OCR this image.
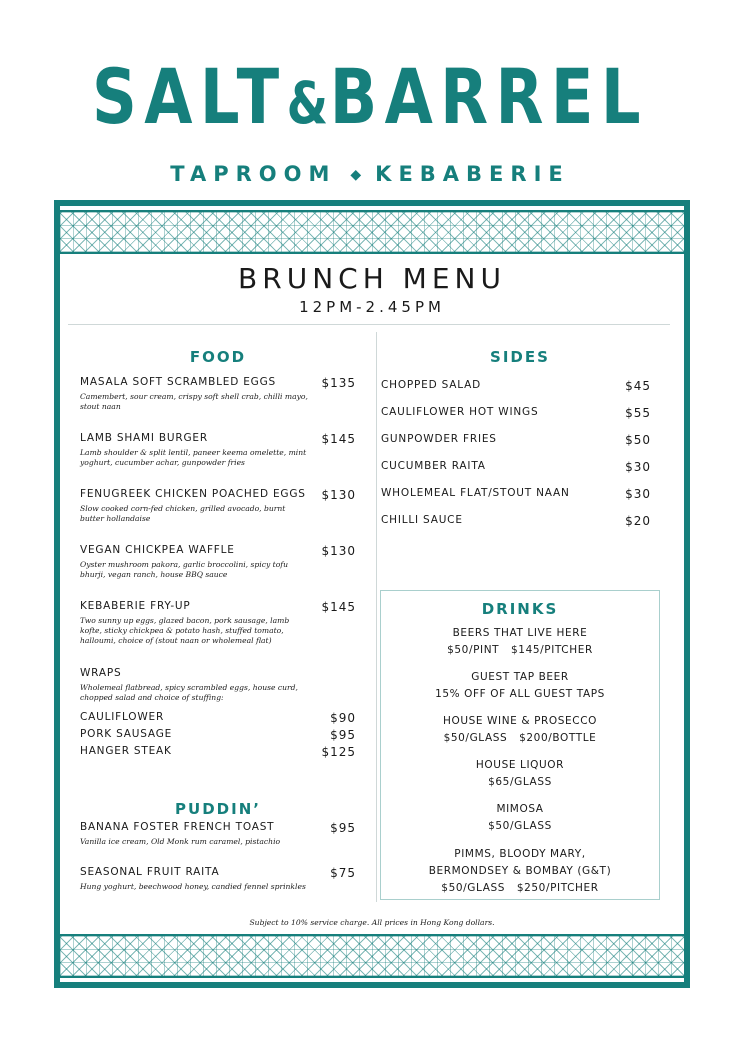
SALT&BARREL
TAPROOM ◆ KEBABERIE
BRUNCH MENU
12PM-2.45PM
FOOD
MASALA SOFT SCRAMBLED EGGS	$135
Camembert, sour cream, crispy soft shell crab, chilli mayo, stout naan
LAMB SHAMI BURGER	$145
Lamb shoulder & split lentil, paneer keema omelette, mint yoghurt, cucumber achar, gunpowder fries
FENUGREEK CHICKEN POACHED EGGS	$130
Slow cooked corn-fed chicken, grilled avocado, burnt butter hollandaise
VEGAN CHICKPEA WAFFLE	$130
Oyster mushroom pakora, garlic broccolini, spicy tofu bhurji, vegan ranch, house BBQ sauce
KEBABERIE FRY-UP	$145
Two sunny up eggs, glazed bacon, pork sausage, lamb kofte, sticky chickpea & potato hash, stuffed tomato, halloumi, choice of (stout naan or wholemeal flat)
WRAPS
Wholemeal flatbread, spicy scrambled eggs, house curd, chopped salad and choice of stuffing:
CAULIFLOWER	$90
PORK SAUSAGE	$95
HANGER STEAK	$125
PUDDIN’
BANANA FOSTER FRENCH TOAST	$95
Vanilla ice cream, Old Monk rum caramel, pistachio
SEASONAL FRUIT RAITA	$75
Hung yoghurt, beechwood honey, candied fennel sprinkles
SIDES
CHOPPED SALAD	$45
CAULIFLOWER HOT WINGS	$55
GUNPOWDER FRIES	$50
CUCUMBER RAITA	$30
WHOLEMEAL FLAT/STOUT NAAN	$30
CHILLI SAUCE	$20
DRINKS
BEERS THAT LIVE HERE
$50/PINT   $145/PITCHER
GUEST TAP BEER
15% OFF OF ALL GUEST TAPS
HOUSE WINE & PROSECCO
$50/GLASS   $200/BOTTLE
HOUSE LIQUOR
$65/GLASS
MIMOSA
$50/GLASS
PIMMS, BLOODY MARY,
BERMONDSEY & BOMBAY (G&T)
$50/GLASS   $250/PITCHER
Subject to 10% service charge. All prices in Hong Kong dollars.
